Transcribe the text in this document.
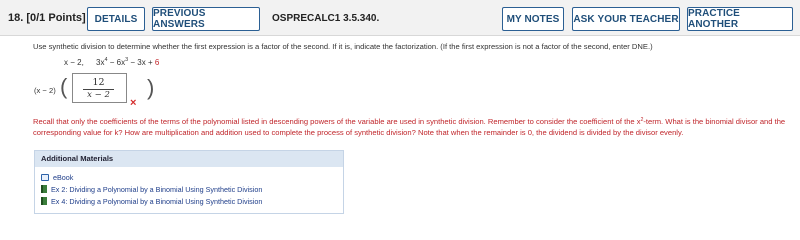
18. [0/1 Points] DETAILS	PREVIOUS ANSWERS
OSPRECALC1 3.5.340.	MY NOTES	ASK YOUR TEACHER PRACTICE ANOTHER
Use synthetic division to determine whether the first expression is a factor of the second. If it is, indicate the factorization. (If the first expression is not a factor of the second, enter DNE.)
x − 2, $3x^4 - 6x^3 - 3x + 6$
(x − 2) ( $\frac{12}{x - 2}$ )
×
Recall that only the coefficients of the terms of the polynomial listed in descending powers of the variable are used in synthetic division. Remember to consider the coefficient of the $x^2$-term. What is the binomial divisor and the corresponding value for k? How are multiplication and addition used to complete the process of synthetic division? Note that when the remainder is 0, the dividend is divided by the divisor evenly.
Additional Materials
eBook
Ex 2: Dividing a Polynomial by a Binomial Using Synthetic Division
Ex 4: Dividing a Polynomial by a Binomial Using Synthetic Division
